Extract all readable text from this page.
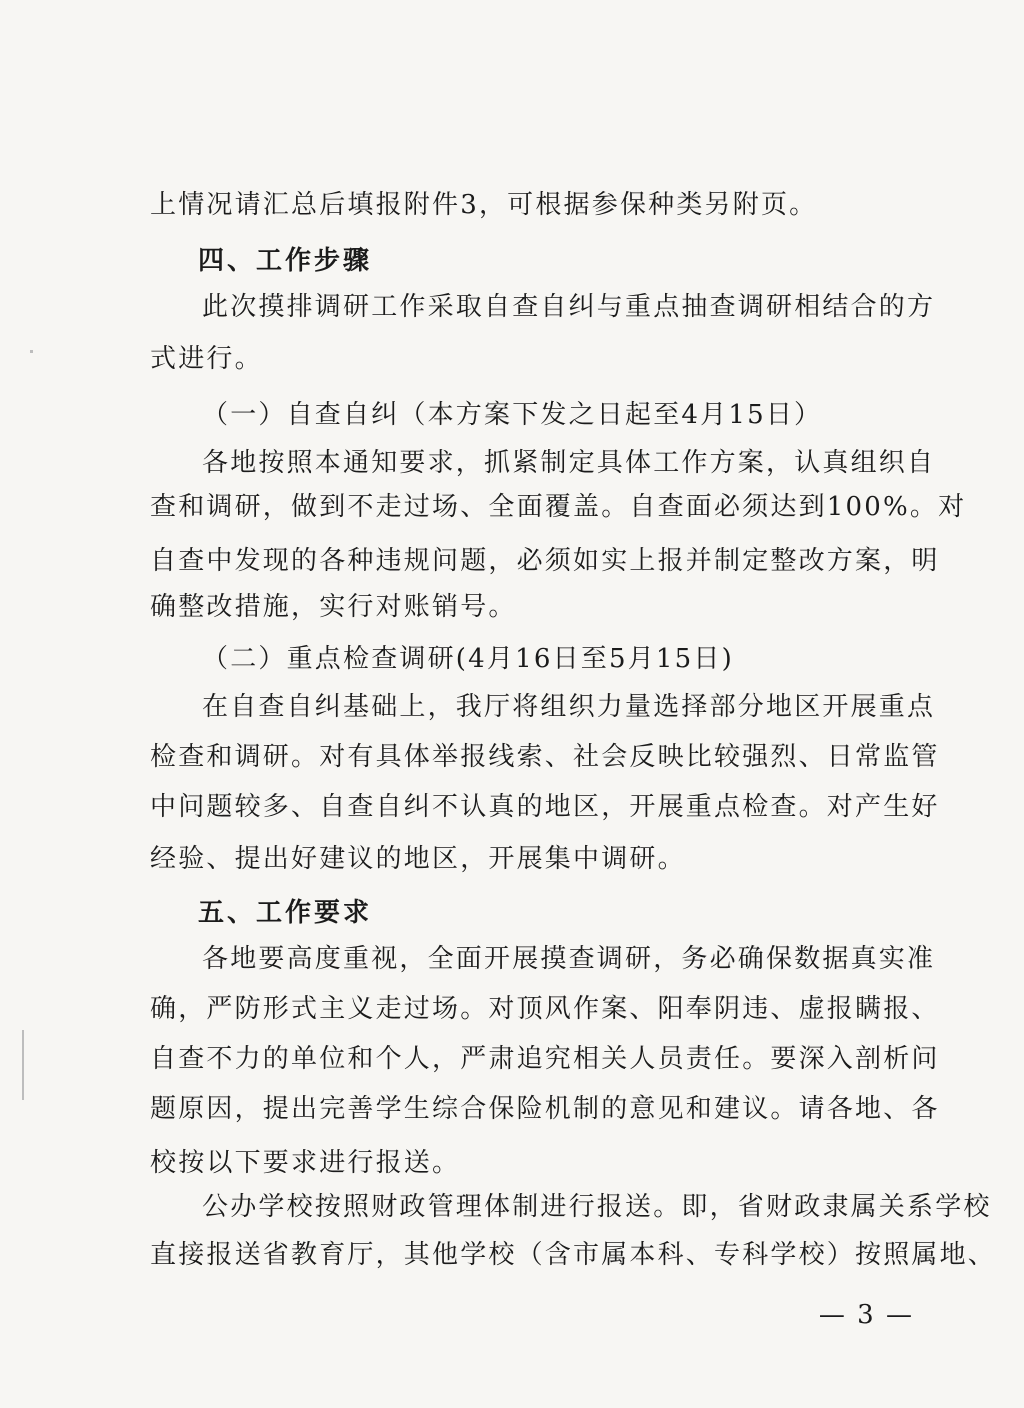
上情况请汇总后填报附件3，可根据参保种类另附页。
四、工作步骤
此次摸排调研工作采取自查自纠与重点抽查调研相结合的方
式进行。
（一）自查自纠（本方案下发之日起至4月15日）
各地按照本通知要求，抓紧制定具体工作方案，认真组织自
查和调研，做到不走过场、全面覆盖。自查面必须达到100%。对
自查中发现的各种违规问题，必须如实上报并制定整改方案，明
确整改措施，实行对账销号。
（二）重点检查调研(4月16日至5月15日)
在自查自纠基础上，我厅将组织力量选择部分地区开展重点
检查和调研。对有具体举报线索、社会反映比较强烈、日常监管
中问题较多、自查自纠不认真的地区，开展重点检查。对产生好
经验、提出好建议的地区，开展集中调研。
五、工作要求
各地要高度重视，全面开展摸查调研，务必确保数据真实准
确，严防形式主义走过场。对顶风作案、阳奉阴违、虚报瞒报、
自查不力的单位和个人，严肃追究相关人员责任。要深入剖析问
题原因，提出完善学生综合保险机制的意见和建议。请各地、各
校按以下要求进行报送。
公办学校按照财政管理体制进行报送。即，省财政隶属关系学校
直接报送省教育厅，其他学校（含市属本科、专科学校）按照属地、
— 3 —
